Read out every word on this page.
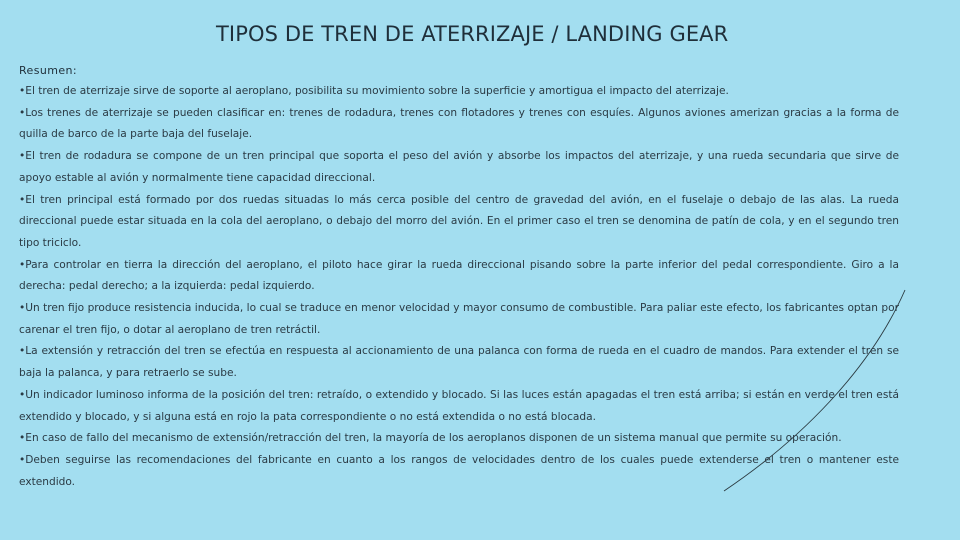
TIPOS DE TREN DE ATERRIZAJE / LANDING GEAR
Resumen:

•El tren de aterrizaje sirve de soporte al aeroplano, posibilita su movimiento sobre la superficie y amortigua el impacto del aterrizaje.

•Los trenes de aterrizaje se pueden clasificar en: trenes de rodadura, trenes con flotadores y trenes con esquíes. Algunos aviones amerizan gracias a la forma de quilla de barco de la parte baja del fuselaje.

•El tren de rodadura se compone de un tren principal que soporta el peso del avión y absorbe los impactos del aterrizaje, y una rueda secundaria que sirve de apoyo estable al avión y normalmente tiene capacidad direccional.

•El tren principal está formado por dos ruedas situadas lo más cerca posible del centro de gravedad del avión, en el fuselaje o debajo de las alas. La rueda direccional puede estar situada en la cola del aeroplano, o debajo del morro del avión. En el primer caso el tren se denomina de patín de cola, y en el segundo tren tipo triciclo.

•Para controlar en tierra la dirección del aeroplano, el piloto hace girar la rueda direccional pisando sobre la parte inferior del pedal correspondiente. Giro a la derecha: pedal derecho; a la izquierda: pedal izquierdo.

•Un tren fijo produce resistencia inducida, lo cual se traduce en menor velocidad y mayor consumo de combustible. Para paliar este efecto, los fabricantes optan por carenar el tren fijo, o dotar al aeroplano de tren retráctil.

•La extensión y retracción del tren se efectúa en respuesta al accionamiento de una palanca con forma de rueda en el cuadro de mandos. Para extender el tren se baja la palanca, y para retraerlo se sube.

•Un indicador luminoso informa de la posición del tren: retraído, o extendido y blocado. Si las luces están apagadas el tren está arriba; si están en verde el tren está extendido y blocado, y si alguna está en rojo la pata correspondiente o no está extendida o no está blocada.

•En caso de fallo del mecanismo de extensión/retracción del tren, la mayoría de los aeroplanos disponen de un sistema manual que permite su operación.

•Deben seguirse las recomendaciones del fabricante en cuanto a los rangos de velocidades dentro de los cuales puede extenderse el tren o mantener este extendido.
